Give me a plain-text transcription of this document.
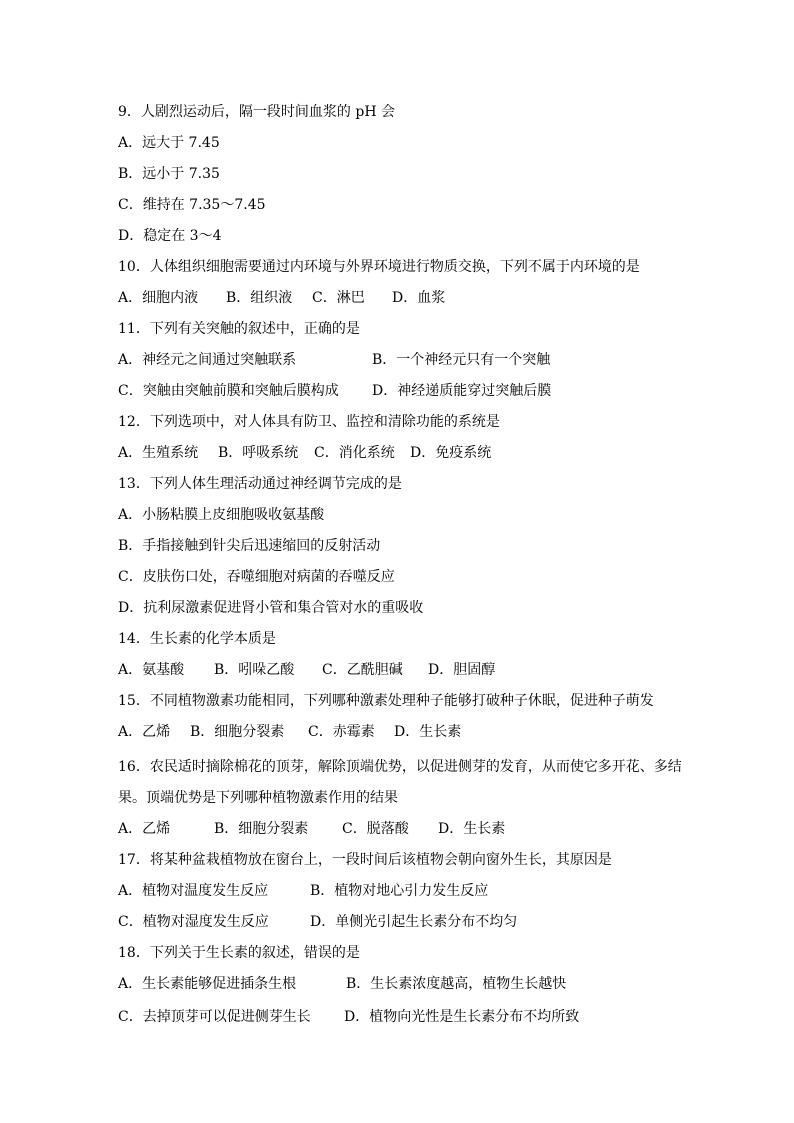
9．人剧烈运动后，隔一段时间血浆的 pH 会
A．远大于 7.45
B．远小于 7.35
C．维持在 7.35～7.45
D．稳定在 3～4
10．人体组织细胞需要通过内环境与外界环境进行物质交换，下列不属于内环境的是
A．细胞内液 B．组织液 C．淋巴 D．血浆
11．下列有关突触的叙述中，正确的是
A．神经元之间通过突触联系	B．一个神经元只有一个突触
C．突触由突触前膜和突触后膜构成 D．神经递质能穿过突触后膜
12．下列选项中，对人体具有防卫、监控和清除功能的系统是
A．生殖系统 B．呼吸系统 C．消化系统 D．免疫系统
13．下列人体生理活动通过神经调节完成的是
A．小肠粘膜上皮细胞吸收氨基酸
B．手指接触到针尖后迅速缩回的反射活动
C．皮肤伤口处，吞噬细胞对病菌的吞噬反应
D．抗利尿激素促进肾小管和集合管对水的重吸收
14．生长素的化学本质是
A．氨基酸 B．吲哚乙酸 C．乙酰胆碱 D．胆固醇
15．不同植物激素功能相同，下列哪种激素处理种子能够打破种子休眠，促进种子萌发
A．乙烯 B．细胞分裂素 C．赤霉素 D．生长素
16．农民适时摘除棉花的顶芽，解除顶端优势，以促进侧芽的发育，从而使它多开花、多结
果。顶端优势是下列哪种植物激素作用的结果
A．乙烯	B．细胞分裂素 C．脱落酸 D．生长素
17．将某种盆栽植物放在窗台上，一段时间后该植物会朝向窗外生长，其原因是
A．植物对温度发生反应	B．植物对地心引力发生反应
C．植物对湿度发生反应	D．单侧光引起生长素分布不均匀
18．下列关于生长素的叙述，错误的是
A．生长素能够促进插条生根	B．生长素浓度越高，植物生长越快
C．去掉顶芽可以促进侧芽生长 D．植物向光性是生长素分布不均所致
